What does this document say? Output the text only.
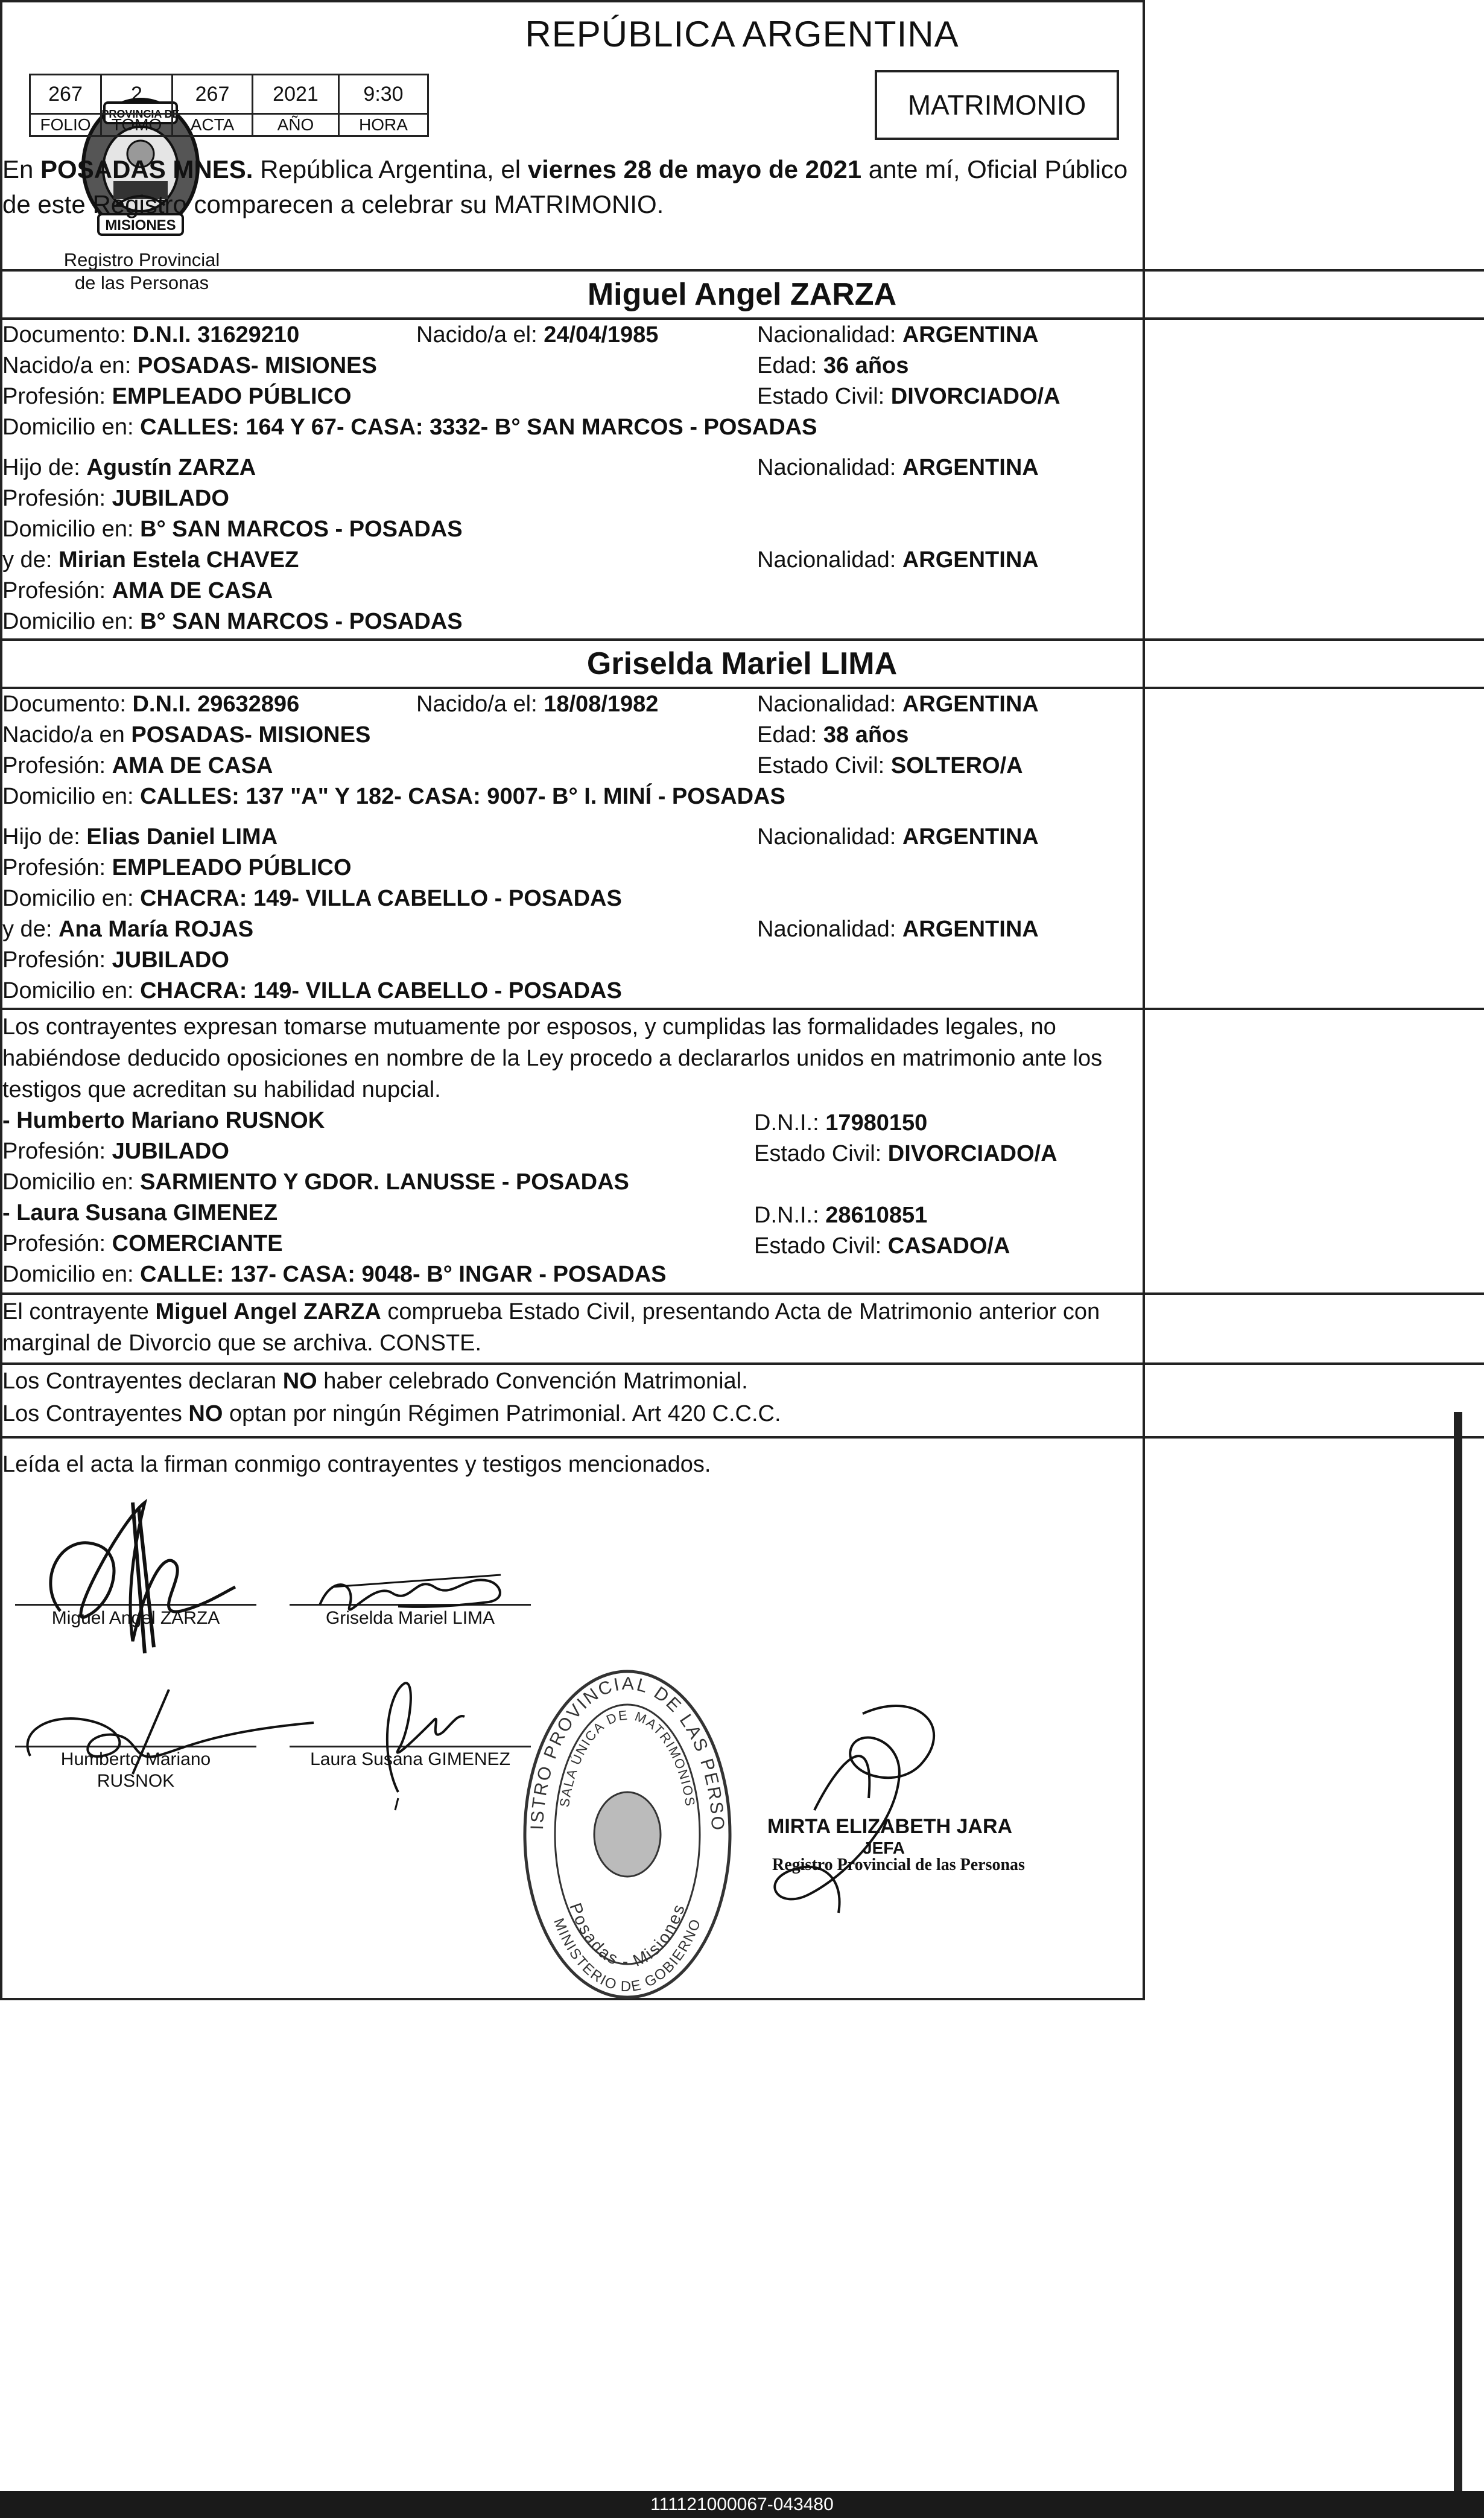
PROVINCIA DE
MISIONES
Registro Provincial
de las Personas
REPÚBLICA ARGENTINA
267	2	267	2021	9:30
FOLIO	TOMO	ACTA	AÑO	HORA
MATRIMONIO
En POSADAS MNES. República Argentina, el viernes 28 de mayo de 2021 ante mí, Oficial Público de este Registro comparecen a celebrar su MATRIMONIO.
Miguel Angel ZARZA
Documento: D.N.I. 31629210	Nacido/a el: 24/04/1985	Nacionalidad: ARGENTINA
Nacido/a en: POSADAS- MISIONES	Edad: 36 años
Profesión: EMPLEADO PÚBLICO	Estado Civil: DIVORCIADO/A
Domicilio en: CALLES: 164 Y 67- CASA: 3332- B° SAN MARCOS - POSADAS
Hijo de: Agustín ZARZA	Nacionalidad: ARGENTINA
Profesión: JUBILADO
Domicilio en: B° SAN MARCOS - POSADAS
y de: Mirian Estela CHAVEZ	Nacionalidad: ARGENTINA
Profesión: AMA DE CASA
Domicilio en: B° SAN MARCOS - POSADAS
Griselda Mariel LIMA
Documento: D.N.I. 29632896	Nacido/a el: 18/08/1982	Nacionalidad: ARGENTINA
Nacido/a en POSADAS- MISIONES	Edad: 38 años
Profesión: AMA DE CASA	Estado Civil: SOLTERO/A
Domicilio en: CALLES: 137 "A" Y 182- CASA: 9007- B° I. MINÍ - POSADAS
Hijo de: Elias Daniel LIMA	Nacionalidad: ARGENTINA
Profesión: EMPLEADO PÚBLICO
Domicilio en: CHACRA: 149- VILLA CABELLO - POSADAS
y de: Ana María ROJAS	Nacionalidad: ARGENTINA
Profesión: JUBILADO
Domicilio en: CHACRA: 149- VILLA CABELLO - POSADAS
Los contrayentes expresan tomarse mutuamente por esposos, y cumplidas las formalidades legales, no habiéndose deducido oposiciones en nombre de la Ley procedo a declararlos unidos en matrimonio ante los testigos que acreditan su habilidad nupcial.
- Humberto Mariano RUSNOK	D.N.I.: 17980150
Profesión: JUBILADO	Estado Civil: DIVORCIADO/A
Domicilio en: SARMIENTO Y GDOR. LANUSSE - POSADAS
- Laura Susana GIMENEZ	D.N.I.: 28610851
Profesión: COMERCIANTE	Estado Civil: CASADO/A
Domicilio en: CALLE: 137- CASA: 9048- B° INGAR - POSADAS
El contrayente Miguel Angel ZARZA comprueba Estado Civil, presentando Acta de Matrimonio anterior con marginal de Divorcio que se archiva. CONSTE.
Los Contrayentes declaran NO haber celebrado Convención Matrimonial.
Los Contrayentes NO optan por ningún Régimen Patrimonial. Art 420 C.C.C.
Leída el acta la firman conmigo contrayentes y testigos mencionados.
Miguel Angel ZARZA	Griselda Mariel LIMA
Humberto Mariano
RUSNOK
Laura Susana GIMENEZ
REGISTRO PROVINCIAL DE LAS PERSONAS
SALA ÚNICA DE MATRIMONIOS
Posadas - Misiones
MINISTERIO DE GOBIERNO
MIRTA ELIZABETH JARA
JEFA
Registro Provincial de las Personas
111121000067-043480
